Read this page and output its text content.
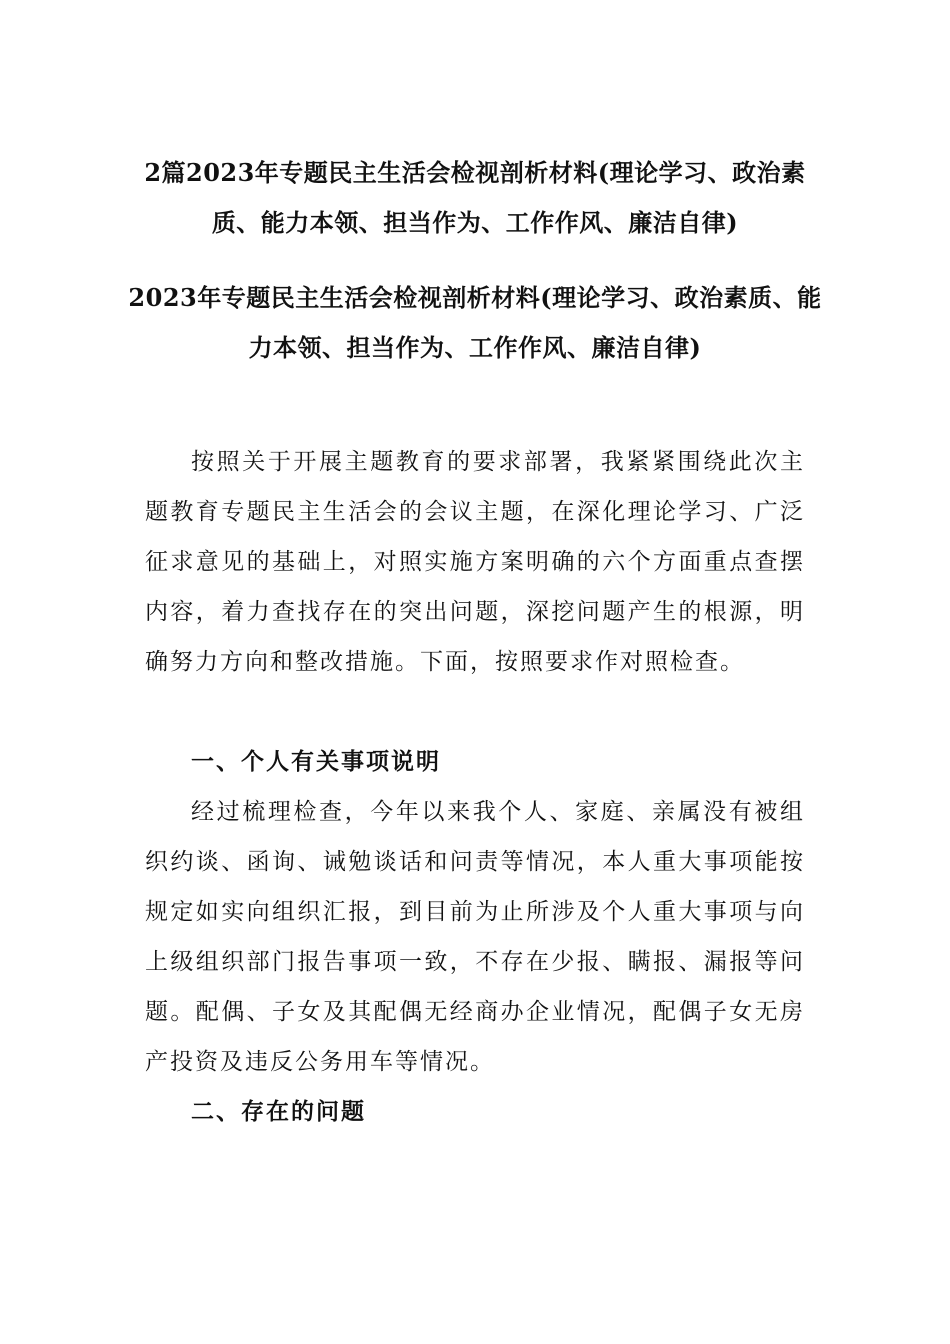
2篇2023年专题民主生活会检视剖析材料(理论学习、政治素质、能力本领、担当作为、工作作风、廉洁自律)
2023年专题民主生活会检视剖析材料(理论学习、政治素质、能力本领、担当作为、工作作风、廉洁自律)

按照关于开展主题教育的要求部署，我紧紧围绕此次主题教育专题民主生活会的会议主题，在深化理论学习、广泛征求意见的基础上，对照实施方案明确的六个方面重点查摆内容，着力查找存在的突出问题，深挖问题产生的根源，明确努力方向和整改措施。下面，按照要求作对照检查。

一、个人有关事项说明

经过梳理检查，今年以来我个人、家庭、亲属没有被组织约谈、函询、诫勉谈话和问责等情况，本人重大事项能按规定如实向组织汇报，到目前为止所涉及个人重大事项与向上级组织部门报告事项一致，不存在少报、瞒报、漏报等问题。配偶、子女及其配偶无经商办企业情况，配偶子女无房产投资及违反公务用车等情况。

二、存在的问题
